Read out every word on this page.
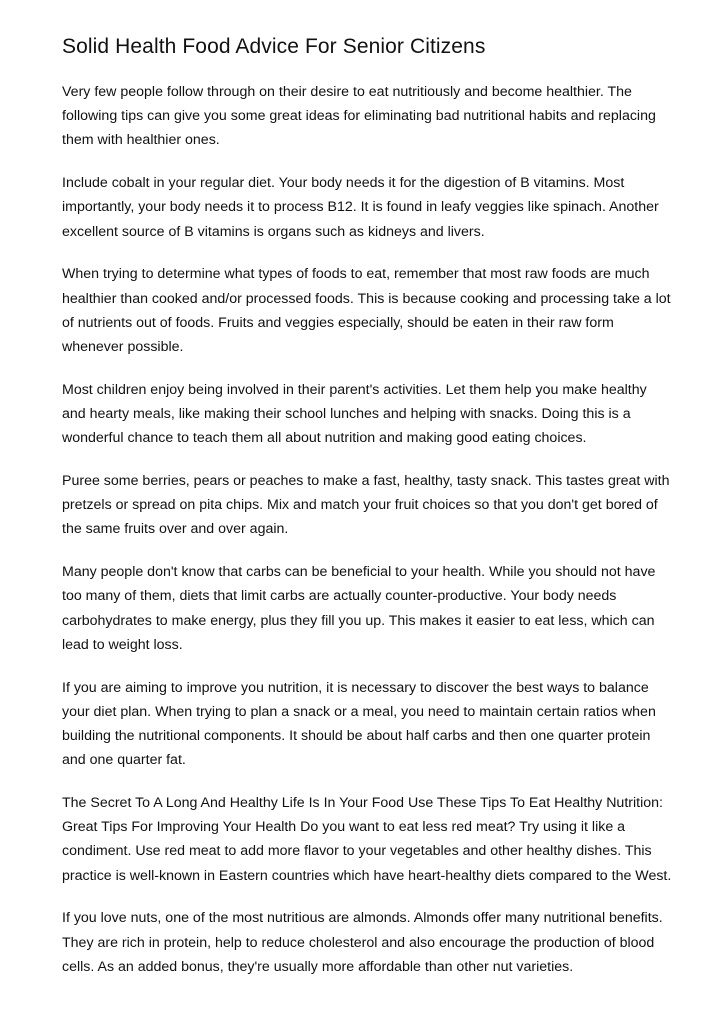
Solid Health Food Advice For Senior Citizens

Very few people follow through on their desire to eat nutritiously and become healthier. The following tips can give you some great ideas for eliminating bad nutritional habits and replacing them with healthier ones.

Include cobalt in your regular diet. Your body needs it for the digestion of B vitamins. Most importantly, your body needs it to process B12. It is found in leafy veggies like spinach. Another excellent source of B vitamins is organs such as kidneys and livers.

When trying to determine what types of foods to eat, remember that most raw foods are much healthier than cooked and/or processed foods. This is because cooking and processing take a lot of nutrients out of foods. Fruits and veggies especially, should be eaten in their raw form whenever possible.

Most children enjoy being involved in their parent's activities. Let them help you make healthy and hearty meals, like making their school lunches and helping with snacks. Doing this is a wonderful chance to teach them all about nutrition and making good eating choices.

Puree some berries, pears or peaches to make a fast, healthy, tasty snack. This tastes great with pretzels or spread on pita chips. Mix and match your fruit choices so that you don't get bored of the same fruits over and over again.

Many people don't know that carbs can be beneficial to your health. While you should not have too many of them, diets that limit carbs are actually counter-productive. Your body needs carbohydrates to make energy, plus they fill you up. This makes it easier to eat less, which can lead to weight loss.

If you are aiming to improve you nutrition, it is necessary to discover the best ways to balance your diet plan. When trying to plan a snack or a meal, you need to maintain certain ratios when building the nutritional components. It should be about half carbs and then one quarter protein and one quarter fat.

The Secret To A Long And Healthy Life Is In Your Food Use These Tips To Eat Healthy Nutrition: Great Tips For Improving Your Health Do you want to eat less red meat? Try using it like a condiment. Use red meat to add more flavor to your vegetables and other healthy dishes. This practice is well-known in Eastern countries which have heart-healthy diets compared to the West.

If you love nuts, one of the most nutritious are almonds. Almonds offer many nutritional benefits. They are rich in protein, help to reduce cholesterol and also encourage the production of blood cells. As an added bonus, they're usually more affordable than other nut varieties.
